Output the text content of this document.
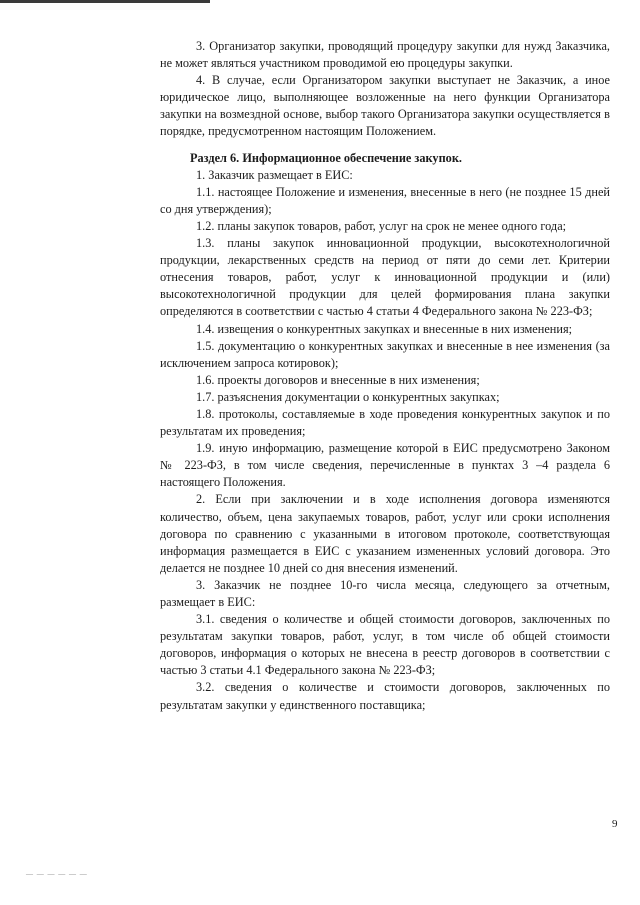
3. Организатор закупки, проводящий процедуру закупки для нужд Заказчика, не может являться участником проводимой ею процедуры закупки.

4. В случае, если Организатором закупки выступает не Заказчик, а иное юридическое лицо, выполняющее возложенные на него функции Организатора закупки на возмездной основе, выбор такого Организатора закупки осуществляется в порядке, предусмотренном настоящим Положением.

Раздел 6. Информационное обеспечение закупок.

1. Заказчик размещает в ЕИС:

1.1. настоящее Положение и изменения, внесенные в него (не позднее 15 дней со дня утверждения);

1.2. планы закупок товаров, работ, услуг на срок не менее одного года;

1.3. планы закупок инновационной продукции, высокотехнологичной продукции, лекарственных средств на период от пяти до семи лет. Критерии отнесения товаров, работ, услуг к инновационной продукции и (или) высокотехнологичной продукции для целей формирования плана закупки определяются в соответствии с частью 4 статьи 4 Федерального закона № 223-ФЗ;

1.4. извещения о конкурентных закупках и внесенные в них изменения;

1.5. документацию о конкурентных закупках и внесенные в нее изменения (за исключением запроса котировок);

1.6. проекты договоров и внесенные в них изменения;

1.7. разъяснения документации о конкурентных закупках;

1.8. протоколы, составляемые в ходе проведения конкурентных закупок и по результатам их проведения;

1.9. иную информацию, размещение которой в ЕИС предусмотрено Законом № 223-ФЗ, в том числе сведения, перечисленные в пунктах 3 –4 раздела 6 настоящего Положения.

2. Если при заключении и в ходе исполнения договора изменяются количество, объем, цена закупаемых товаров, работ, услуг или сроки исполнения договора по сравнению с указанными в итоговом протоколе, соответствующая информация размещается в ЕИС с указанием измененных условий договора. Это делается не позднее 10 дней со дня внесения изменений.

3. Заказчик не позднее 10-го числа месяца, следующего за отчетным, размещает в ЕИС:

3.1. сведения о количестве и общей стоимости договоров, заключенных по результатам закупки товаров, работ, услуг, в том числе об общей стоимости договоров, информация о которых не внесена в реестр договоров в соответствии с частью 3 статьи 4.1 Федерального закона № 223-ФЗ;

3.2. сведения о количестве и стоимости договоров, заключенных по результатам закупки у единственного поставщика;

9
— — — — — —
